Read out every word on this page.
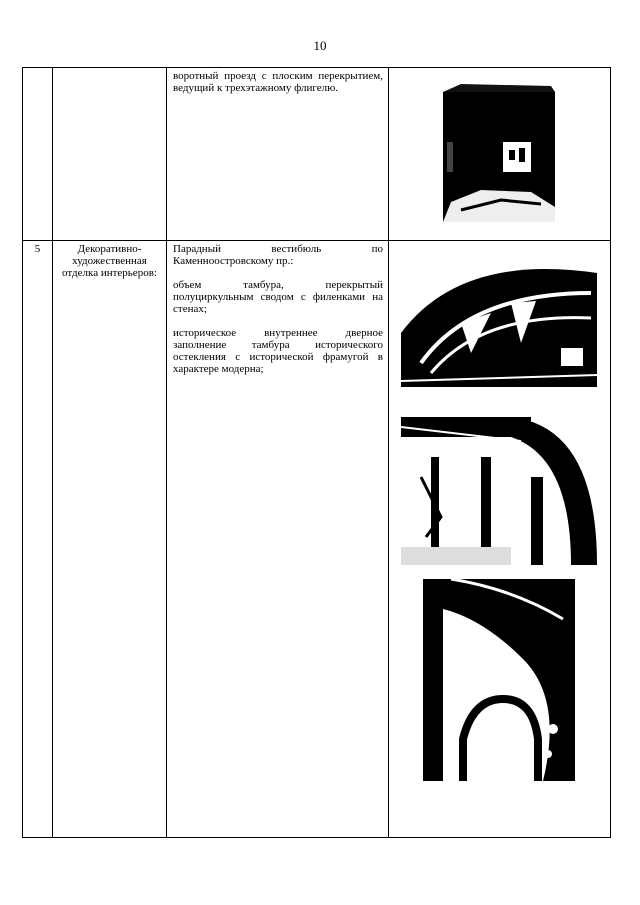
10

		воротный проезд с плоским перекрытием, ведущий к трехэтажному флигелю.

5	Декоративно-художественная отделка интерьеров:	Парадный вестибюль по Каменноостровскому пр.:

объем тамбура, перекрытый полуциркульным сводом с филенками на стенах;

историческое внутреннее дверное заполнение тамбура исторического остекления с исторической фрамугой в характере модерна;
